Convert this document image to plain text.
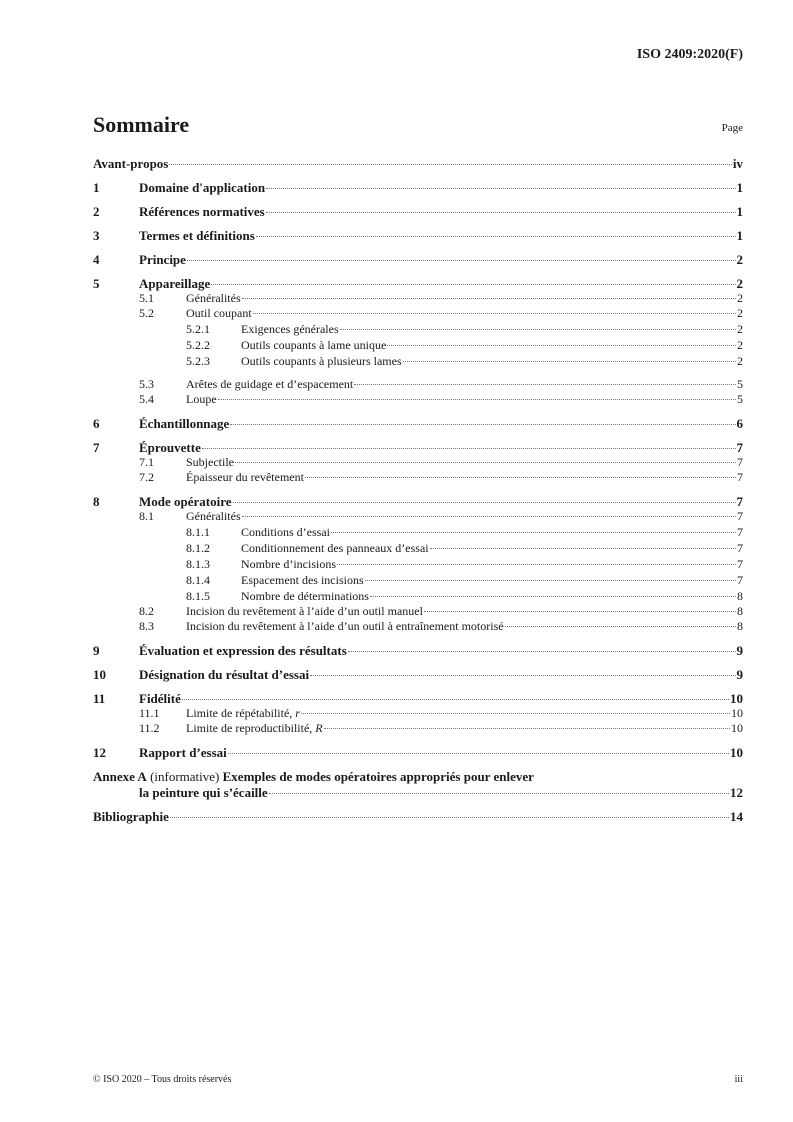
ISO 2409:2020(F)
Sommaire	Page
Avant-propos	iv
1	Domaine d'application	1
2	Références normatives	1
3	Termes et définitions	1
4	Principe	2
5	Appareillage	2
5.1	Généralités	2
5.2	Outil coupant	2
5.2.1	Exigences générales	2
5.2.2	Outils coupants à lame unique	2
5.2.3	Outils coupants à plusieurs lames	2
5.3	Arêtes de guidage et d’espacement	5
5.4	Loupe	5
6	Échantillonnage	6
7	Éprouvette	7
7.1	Subjectile	7
7.2	Épaisseur du revêtement	7
8	Mode opératoire	7
8.1	Généralités	7
8.1.1	Conditions d’essai	7
8.1.2	Conditionnement des panneaux d’essai	7
8.1.3	Nombre d’incisions	7
8.1.4	Espacement des incisions	7
8.1.5	Nombre de déterminations	8
8.2	Incision du revêtement à l’aide d’un outil manuel	8
8.3	Incision du revêtement à l’aide d’un outil à entraînement motorisé	8
9	Évaluation et expression des résultats	9
10	Désignation du résultat d’essai	9
11	Fidélité	10
11.1	Limite de répétabilité, r	10
11.2	Limite de reproductibilité, R	10
12	Rapport d’essai	10
Annexe A (informative) Exemples de modes opératoires appropriés pour enlever
la peinture qui s’écaille	12
Bibliographie	14
© ISO 2020 – Tous droits réservés	iii
